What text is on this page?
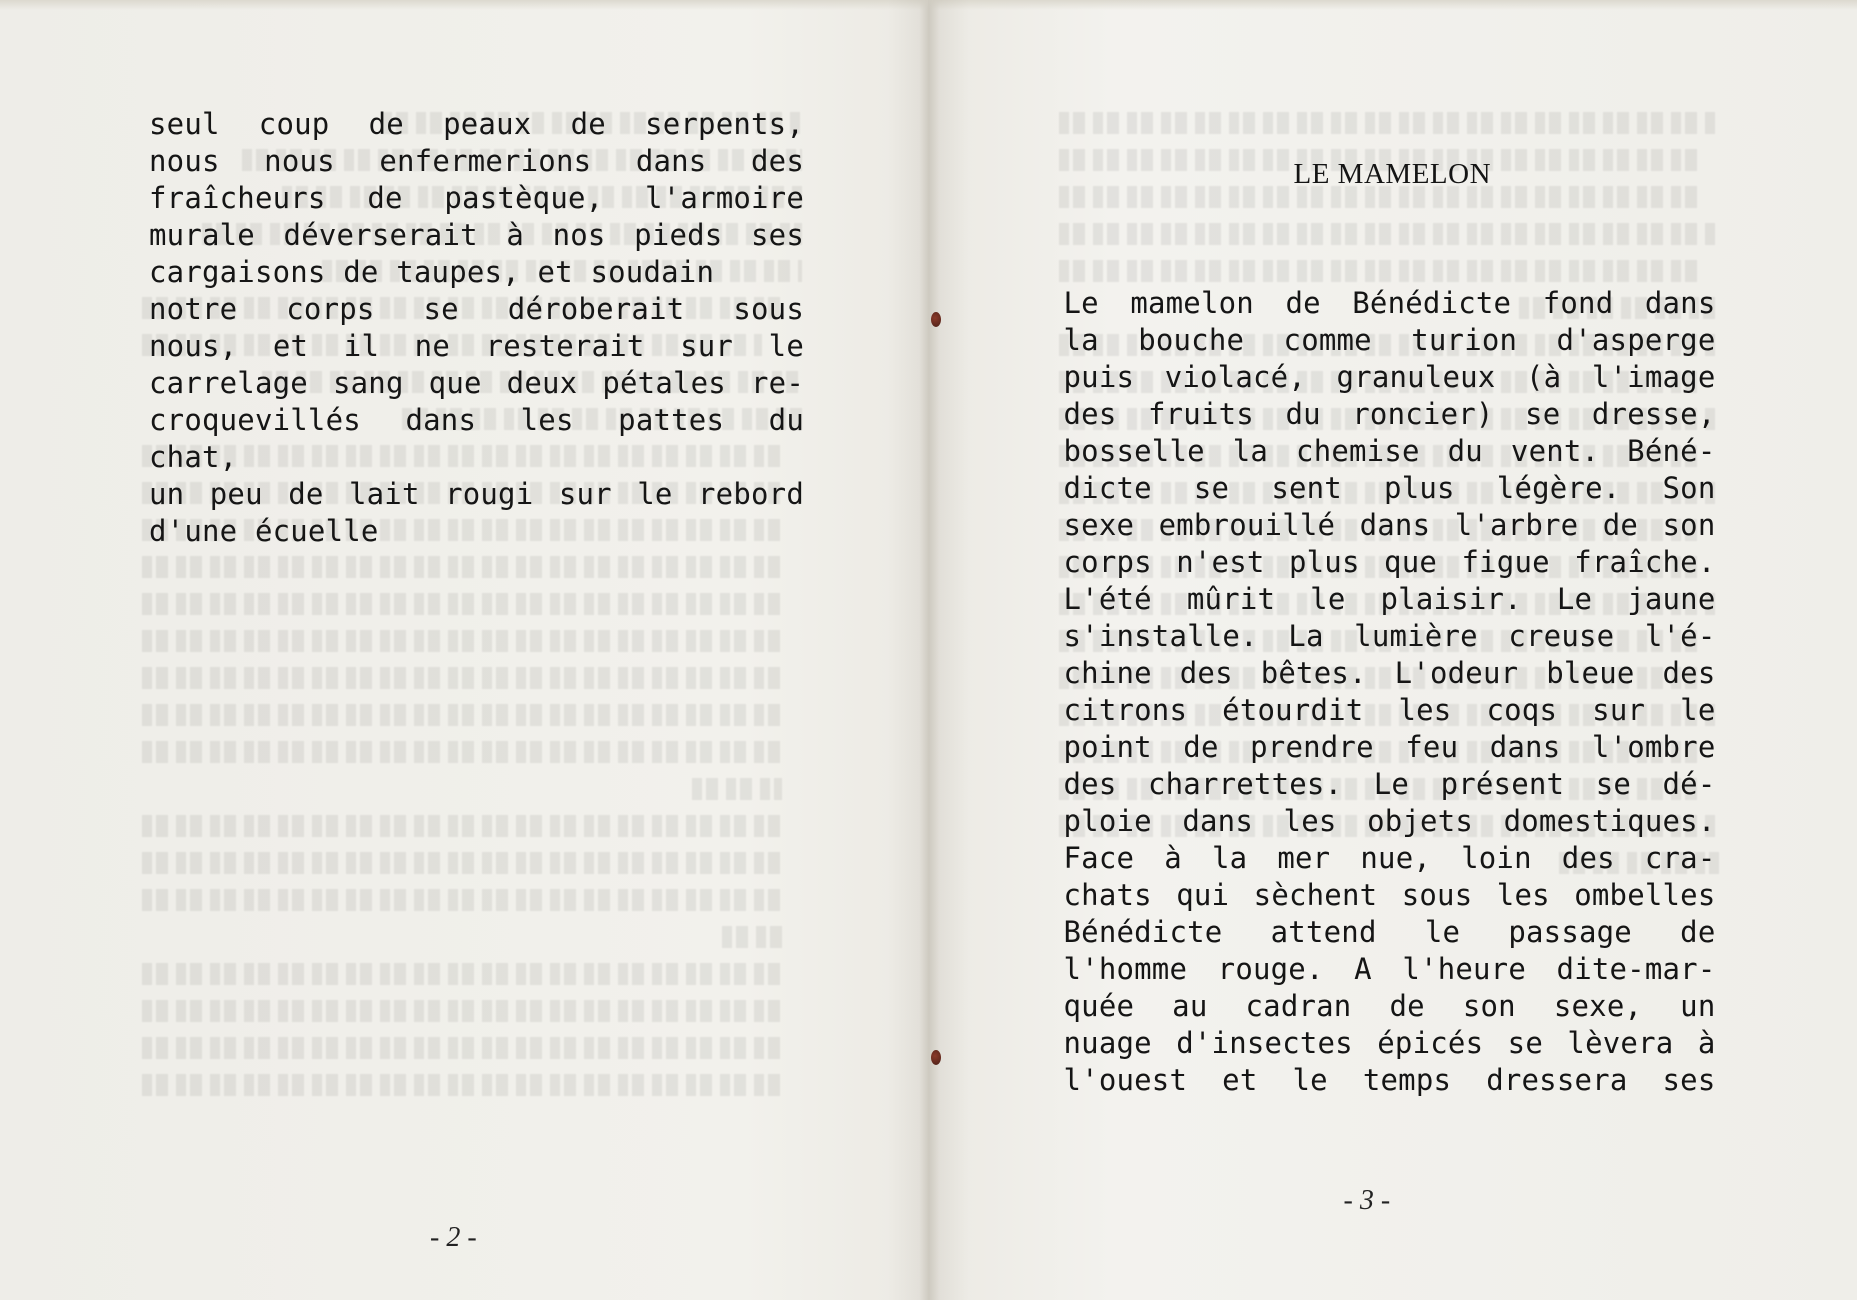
seul coup de peaux de serpents,
nous nous enfermerions dans des
fraîcheurs de pastèque, l'armoire
murale déverserait à nos pieds ses
cargaisons de taupes, et soudain
notre corps se déroberait sous
nous, et il ne resterait sur le
carrelage sang que deux pétales re-
croquevillés dans les pattes du
chat,
un peu de lait rougi sur le rebord
d'une écuelle
- 2 -
LE MAMELON
Le mamelon de Bénédicte fond dans
la bouche comme turion d'asperge
puis violacé, granuleux (à l'image
des fruits du roncier) se dresse,
bosselle la chemise du vent. Béné-
dicte se sent plus légère. Son
sexe embrouillé dans l'arbre de son
corps n'est plus que figue fraîche.
L'été mûrit le plaisir. Le jaune
s'installe. La lumière creuse l'é-
chine des bêtes. L'odeur bleue des
citrons étourdit les coqs sur le
point de prendre feu dans l'ombre
des charrettes. Le présent se dé-
ploie dans les objets domestiques.
Face à la mer nue, loin des cra-
chats qui sèchent sous les ombelles
Bénédicte attend le passage de
l'homme rouge. A l'heure dite-mar-
quée au cadran de son sexe, un
nuage d'insectes épicés se lèvera à
l'ouest et le temps dressera ses
- 3 -
